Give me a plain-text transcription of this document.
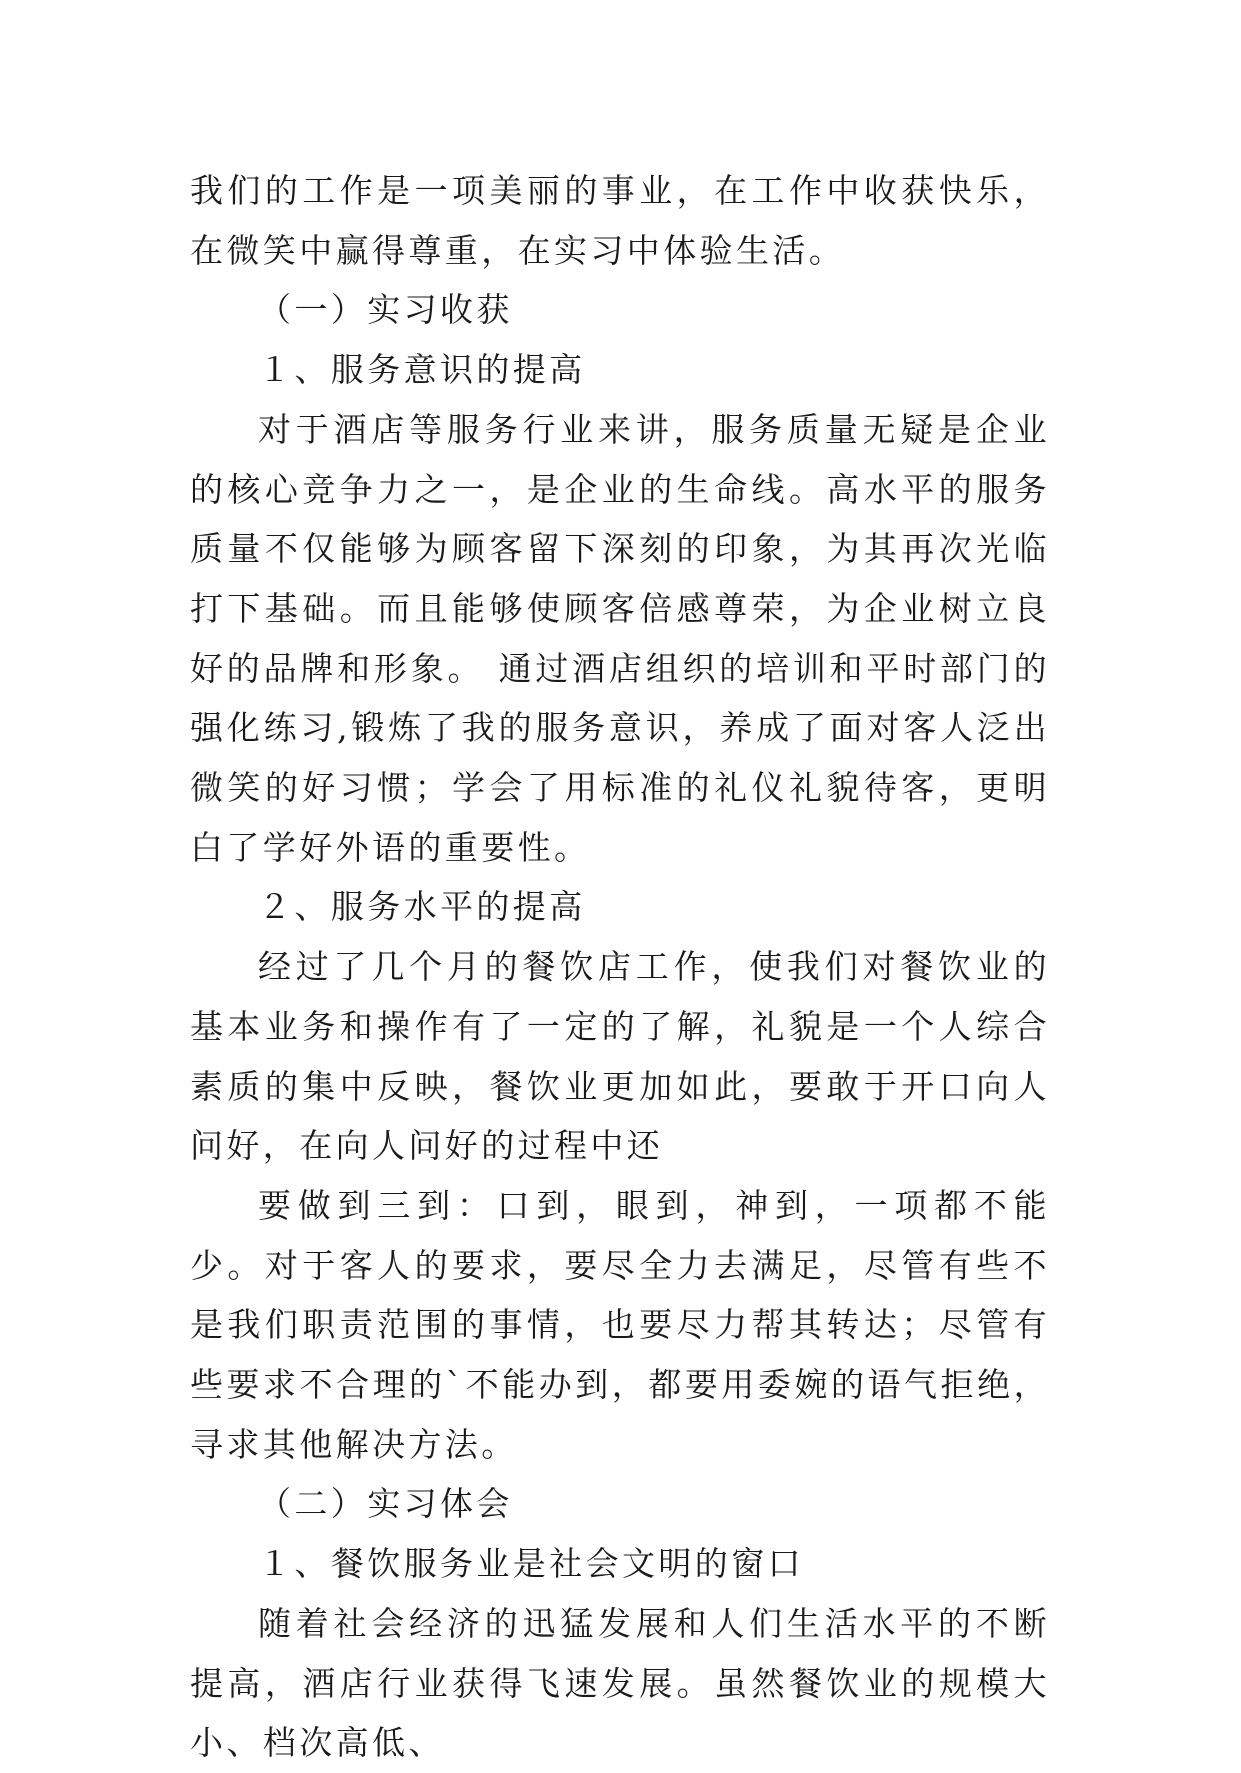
我们的工作是一项美丽的事业，在工作中收获快乐，在微笑中赢得尊重，在实习中体验生活。

（一）实习收获

１、服务意识的提高

对于酒店等服务行业来讲，服务质量无疑是企业的核心竞争力之一，是企业的生命线。高水平的服务质量不仅能够为顾客留下深刻的印象，为其再次光临打下基础。而且能够使顾客倍感尊荣，为企业树立良好的品牌和形象。 通过酒店组织的培训和平时部门的强化练习,锻炼了我的服务意识，养成了面对客人泛出微笑的好习惯；学会了用标准的礼仪礼貌待客，更明白了学好外语的重要性。

２、服务水平的提高

经过了几个月的餐饮店工作，使我们对餐饮业的基本业务和操作有了一定的了解，礼貌是一个人综合素质的集中反映，餐饮业更加如此，要敢于开口向人问好，在向人问好的过程中还

要做到三到：口到，眼到，神到，一项都不能少。对于客人的要求，要尽全力去满足，尽管有些不是我们职责范围的事情，也要尽力帮其转达；尽管有些要求不合理的`不能办到，都要用委婉的语气拒绝，寻求其他解决方法。

（二）实习体会

１、餐饮服务业是社会文明的窗口

随着社会经济的迅猛发展和人们生活水平的不断提高，酒店行业获得飞速发展。虽然餐饮业的规模大小、档次高低、
